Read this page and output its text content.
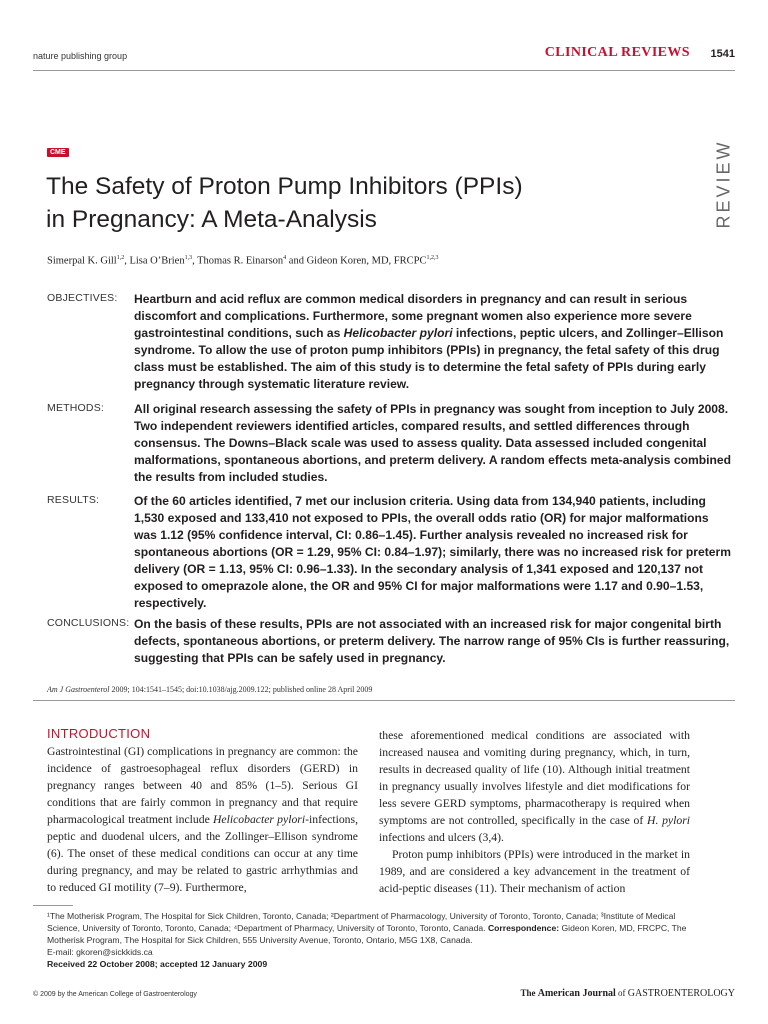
nature publishing group	CLINICAL REVIEWS 1541
CME	REVIEW
The Safety of Proton Pump Inhibitors (PPIs)
in Pregnancy: A Meta-Analysis
Simerpal K. Gill$^{1,2}$, Lisa O’Brien$^{1,3}$, Thomas R. Einarson$^4$ and Gideon Koren, MD, FRCPC$^{1,2,3}$
OBJECTIVES: Heartburn and acid reflux are common medical disorders in pregnancy and can result in serious discomfort and complications. Furthermore, some pregnant women also experience more severe gastrointestinal conditions, such as Helicobacter pylori infections, peptic ulcers, and Zollinger–Ellison syndrome. To allow the use of proton pump inhibitors (PPIs) in pregnancy, the fetal safety of this drug class must be established. The aim of this study is to determine the fetal safety of PPIs during early pregnancy through systematic literature review.
METHODS: All original research assessing the safety of PPIs in pregnancy was sought from inception to July 2008. Two independent reviewers identified articles, compared results, and settled differences through consensus. The Downs–Black scale was used to assess quality. Data assessed included congenital malformations, spontaneous abortions, and preterm delivery. A random effects meta-analysis combined the results from included studies.
RESULTS:	Of the 60 articles identified, 7 met our inclusion criteria. Using data from 134,940 patients, including 1,530 exposed and 133,410 not exposed to PPIs, the overall odds ratio (OR) for major malformations was 1.12 (95% confidence interval, CI: 0.86–1.45). Further analysis revealed no increased risk for spontaneous abortions (OR = 1.29, 95% CI: 0.84–1.97); similarly, there was no increased risk for preterm delivery (OR = 1.13, 95% CI: 0.96–1.33). In the secondary analysis of 1,341 exposed and 120,137 not exposed to omeprazole alone, the OR and 95% CI for major malformations were 1.17 and 0.90–1.53, respectively.
CONCLUSIONS: On the basis of these results, PPIs are not associated with an increased risk for major congenital birth defects, spontaneous abortions, or preterm delivery. The narrow range of 95% CIs is further reassuring, suggesting that PPIs can be safely used in pregnancy.
Am J Gastroenterol 2009; 104:1541–1545; doi:10.1038/ajg.2009.122; published online 28 April 2009
INTRODUCTION

Gastrointestinal (GI) complications in pregnancy are common: the incidence of gastroesophageal reflux disorders (GERD) in pregnancy ranges between 40 and 85% (1–5). Serious GI conditions that are fairly common in pregnancy and that require pharmacological treatment include Helicobacter pylori-infections, peptic and duodenal ulcers, and the Zollinger–Ellison syndrome (6). The onset of these medical conditions can occur at any time during pregnancy, and may be related to gastric arrhythmias and to reduced GI motility (7–9). Furthermore,

these aforementioned medical conditions are associated with increased nausea and vomiting during pregnancy, which, in turn, results in decreased quality of life (10). Although initial treatment in pregnancy usually involves lifestyle and diet modifications for less severe GERD symptoms, pharmacotherapy is required when symptoms are not controlled, specifically in the case of H. pylori infections and ulcers (3,4).

Proton pump inhibitors (PPIs) were introduced in the market in 1989, and are considered a key advancement in the treatment of acid-peptic diseases (11). Their mechanism of action

¹The Motherisk Program, The Hospital for Sick Children, Toronto, Canada; ²Department of Pharmacology, University of Toronto, Toronto, Canada; ³Institute of Medical Science, University of Toronto, Toronto, Canada; ⁴Department of Pharmacy, University of Toronto, Toronto, Canada. Correspondence: Gideon Koren, MD, FRCPC, The Motherisk Program, The Hospital for Sick Children, 555 University Avenue, Toronto, Ontario, M5G 1X8, Canada.
E-mail: gkoren@sickkids.ca
Received 22 October 2008; accepted 12 January 2009
© 2009 by the American College of Gastroenterology	The American Journal of GASTROENTEROLOGY
